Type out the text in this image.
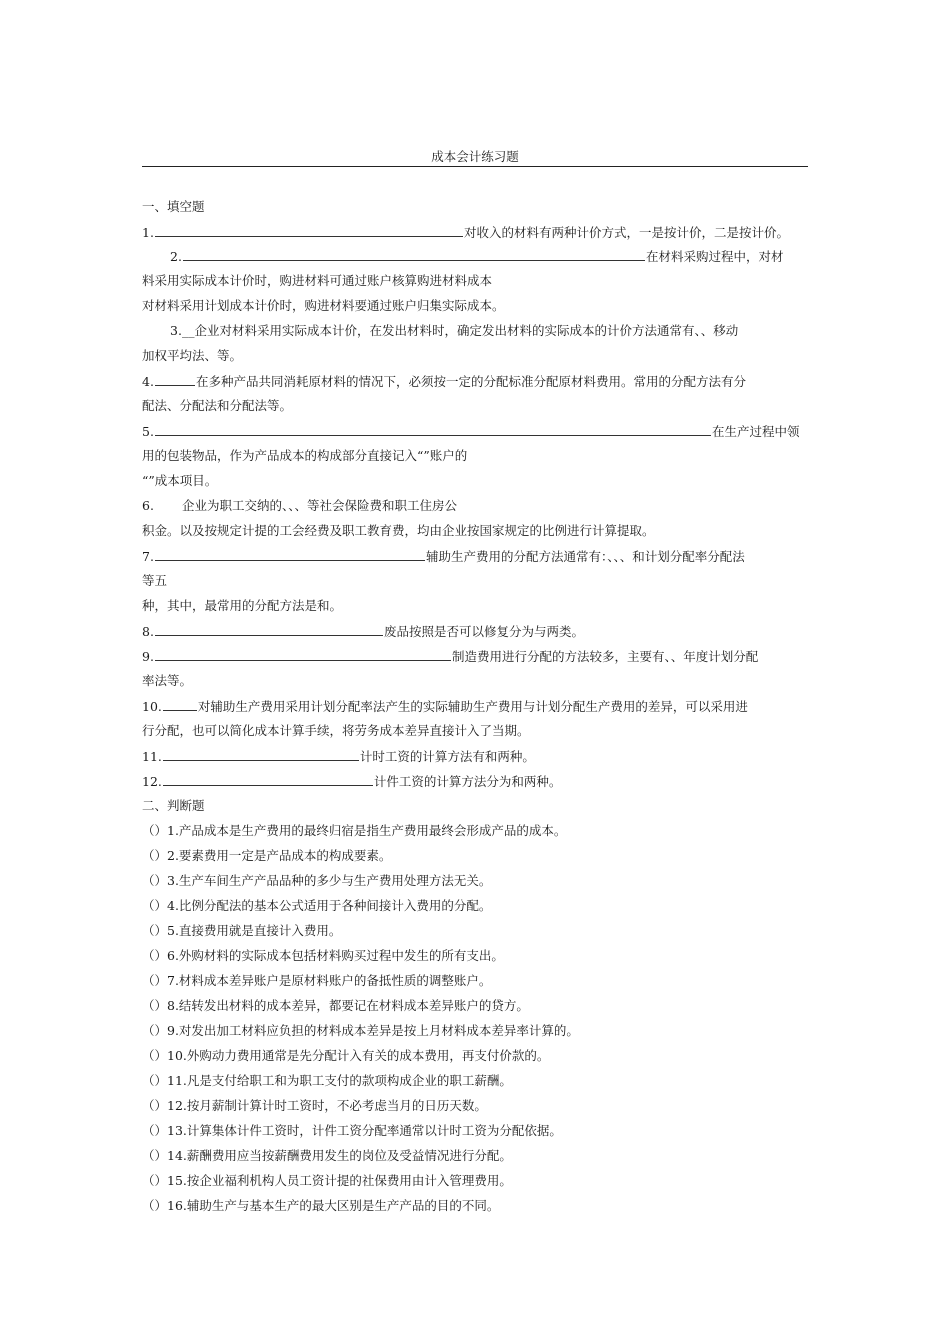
成本会计练习题
一、填空题
1.	对收入的材料有两种计价方式，一是按计价，二是按计价。
2.	在材料采购过程中，对材
料采用实际成本计价时，购进材料可通过账户核算购进材料成本
对材料采用计划成本计价时，购进材料要通过账户归集实际成本。
3.__企业对材料采用实际成本计价，在发出材料时，确定发出材料的实际成本的计价方法通常有、、移动
加权平均法、等。
4.	在多种产品共同消耗原材料的情况下，必须按一定的分配标准分配原材料费用。常用的分配方法有分
配法、分配法和分配法等。
5.	在生产过程中领
用的包装物品，作为产品成本的构成部分直接记入“”账户的
“”成本项目。
6. 企业为职工交纳的、、、等社会保险费和职工住房公
积金。以及按规定计提的工会经费及职工教育费，均由企业按国家规定的比例进行计算提取。
7.	辅助生产费用的分配方法通常有：、、、和计划分配率分配法
等五
种，其中，最常用的分配方法是和。
8.	废品按照是否可以修复分为与两类。
9.	制造费用进行分配的方法较多，主要有、、年度计划分配
率法等。
10.	对辅助生产费用采用计划分配率法产生的实际辅助生产费用与计划分配生产费用的差异，可以采用进
行分配，也可以简化成本计算手续，将劳务成本差异直接计入了当期。
11.	计时工资的计算方法有和两种。
12.	计件工资的计算方法分为和两种。
二、判断题
（）1.产品成本是生产费用的最终归宿是指生产费用最终会形成产品的成本。
（）2.要素费用一定是产品成本的构成要素。
（）3.生产车间生产产品品种的多少与生产费用处理方法无关。
（）4.比例分配法的基本公式适用于各种间接计入费用的分配。
（）5.直接费用就是直接计入费用。
（）6.外购材料的实际成本包括材料购买过程中发生的所有支出。
（）7.材料成本差异账户是原材料账户的备抵性质的调整账户。
（）8.结转发出材料的成本差异，都要记在材料成本差异账户的贷方。
（）9.对发出加工材料应负担的材料成本差异是按上月材料成本差异率计算的。
（）10.外购动力费用通常是先分配计入有关的成本费用，再支付价款的。
（）11.凡是支付给职工和为职工支付的款项构成企业的职工薪酬。
（）12.按月薪制计算计时工资时，不必考虑当月的日历天数。
（）13.计算集体计件工资时，计件工资分配率通常以计时工资为分配依据。
（）14.薪酬费用应当按薪酬费用发生的岗位及受益情况进行分配。
（）15.按企业福利机构人员工资计提的社保费用由计入管理费用。
（）16.辅助生产与基本生产的最大区别是生产产品的目的不同。
